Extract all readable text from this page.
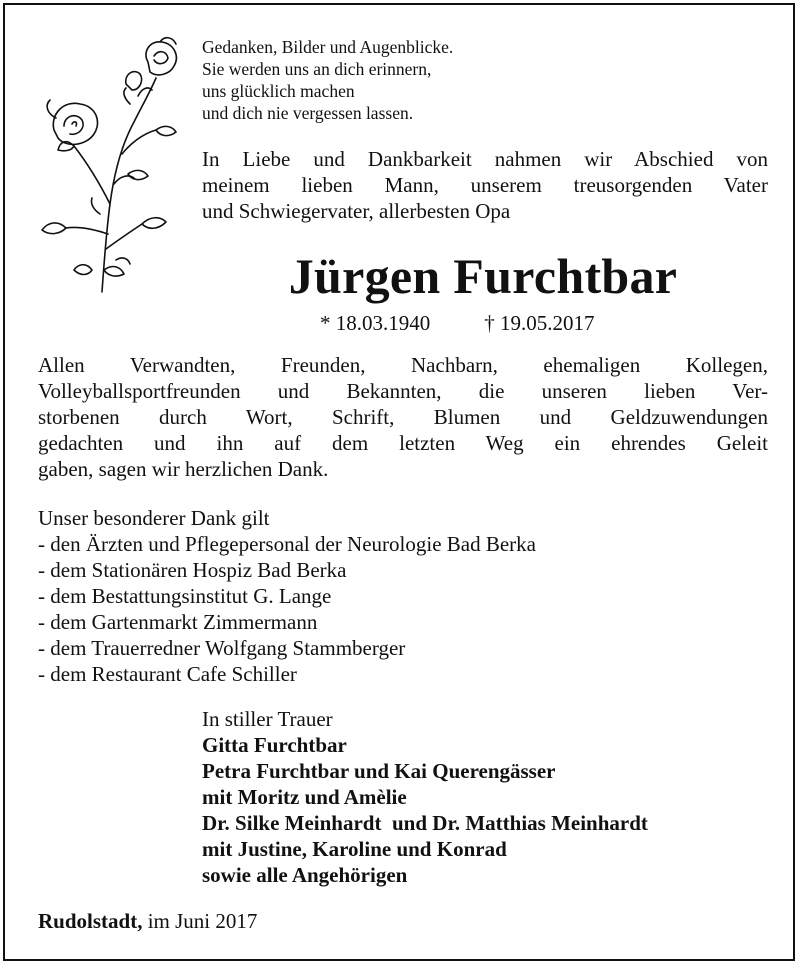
Gedanken, Bilder und Augenblicke.
Sie werden uns an dich erinnern,
uns glücklich machen
und dich nie vergessen lassen.
In Liebe und Dankbarkeit nahmen wir Abschied von
meinem lieben Mann, unserem treusorgenden Vater
und Schwiegervater, allerbesten Opa
Jürgen Furchtbar
* 18.03.1940	† 19.05.2017
Allen Verwandten, Freunden, Nachbarn, ehemaligen Kollegen,
Volleyballsportfreunden und Bekannten, die unseren lieben Ver-
storbenen durch Wort, Schrift, Blumen und Geldzuwendungen
gedachten und ihn auf dem letzten Weg ein ehrendes Geleit
gaben, sagen wir herzlichen Dank.
Unser besonderer Dank gilt
- den Ärzten und Pflegepersonal der Neurologie Bad Berka
- dem Stationären Hospiz Bad Berka
- dem Bestattungsinstitut G. Lange
- dem Gartenmarkt Zimmermann
- dem Trauerredner Wolfgang Stammberger
- dem Restaurant Cafe Schiller
In stiller Trauer
Gitta Furchtbar
Petra Furchtbar und Kai Querengässer
mit Moritz und Amèlie
Dr. Silke Meinhardt  und Dr. Matthias Meinhardt
mit Justine, Karoline und Konrad
sowie alle Angehörigen
Rudolstadt, im Juni 2017
